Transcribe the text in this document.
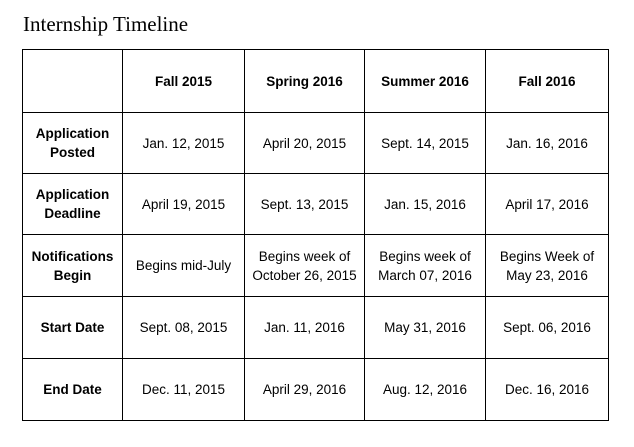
Internship Timeline
	Fall 2015	Spring 2016	Summer 2016	Fall 2016
Application Posted	Jan. 12, 2015	April 20, 2015	Sept. 14, 2015	Jan. 16, 2016
Application Deadline	April 19, 2015	Sept. 13, 2015	Jan. 15, 2016	April 17, 2016
Notifications Begin	Begins mid-July	Begins week of October 26, 2015	Begins week of March 07, 2016	Begins Week of May 23, 2016
Start Date	Sept. 08, 2015	Jan. 11, 2016	May 31, 2016	Sept. 06, 2016
End Date	Dec. 11, 2015	April 29, 2016	Aug. 12, 2016	Dec. 16, 2016
